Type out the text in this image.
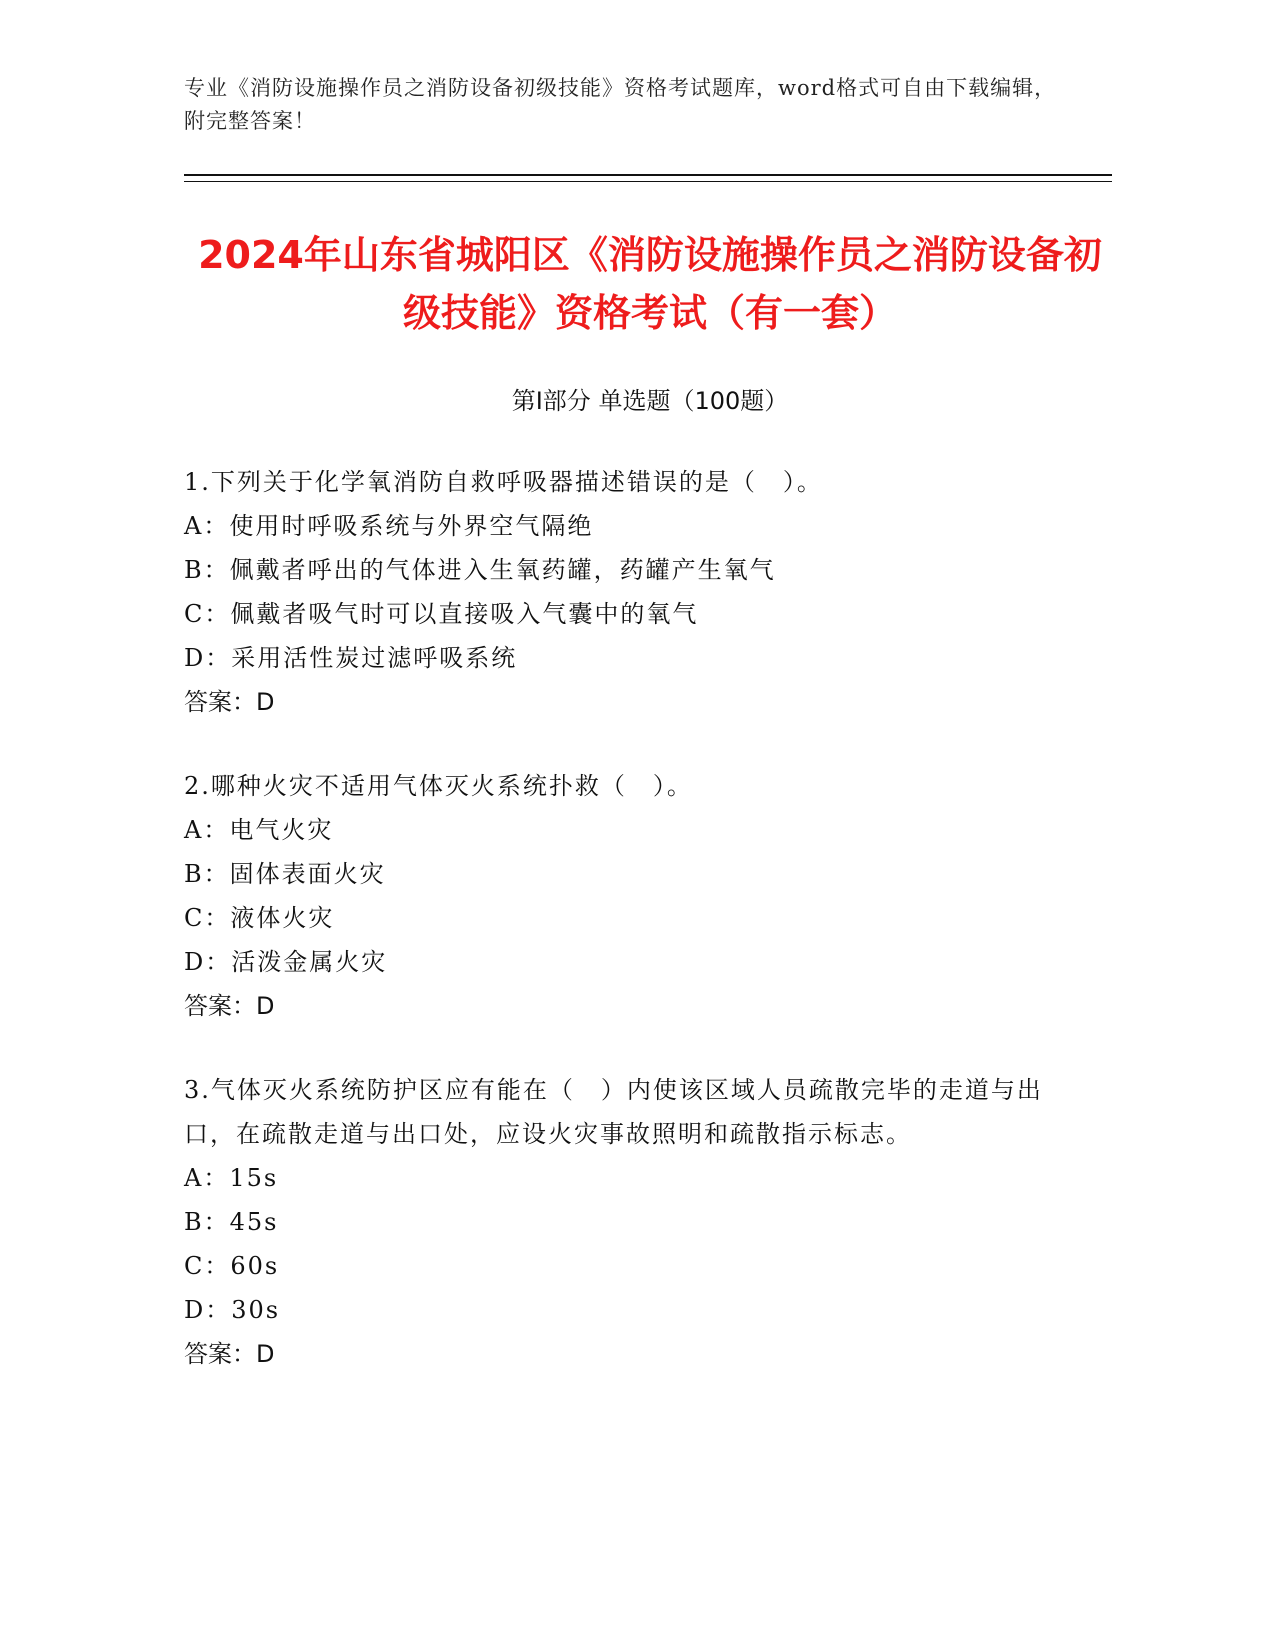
专业《消防设施操作员之消防设备初级技能》资格考试题库，word格式可自由下载编辑，附完整答案！
2024年山东省城阳区《消防设施操作员之消防设备初级技能》资格考试（有一套）
第Ⅰ部分 单选题（100题）

1.下列关于化学氧消防自救呼吸器描述错误的是（　）。

A：使用时呼吸系统与外界空气隔绝

B：佩戴者呼出的气体进入生氧药罐，药罐产生氧气

C：佩戴者吸气时可以直接吸入气囊中的氧气

D：采用活性炭过滤呼吸系统

答案：D

2.哪种火灾不适用气体灭火系统扑救（　）。

A：电气火灾

B：固体表面火灾

C：液体火灾

D：活泼金属火灾

答案：D

3.气体灭火系统防护区应有能在（　）内使该区域人员疏散完毕的走道与出口，在疏散走道与出口处，应设火灾事故照明和疏散指示标志。

A：15s

B：45s

C：60s

D：30s

答案：D
